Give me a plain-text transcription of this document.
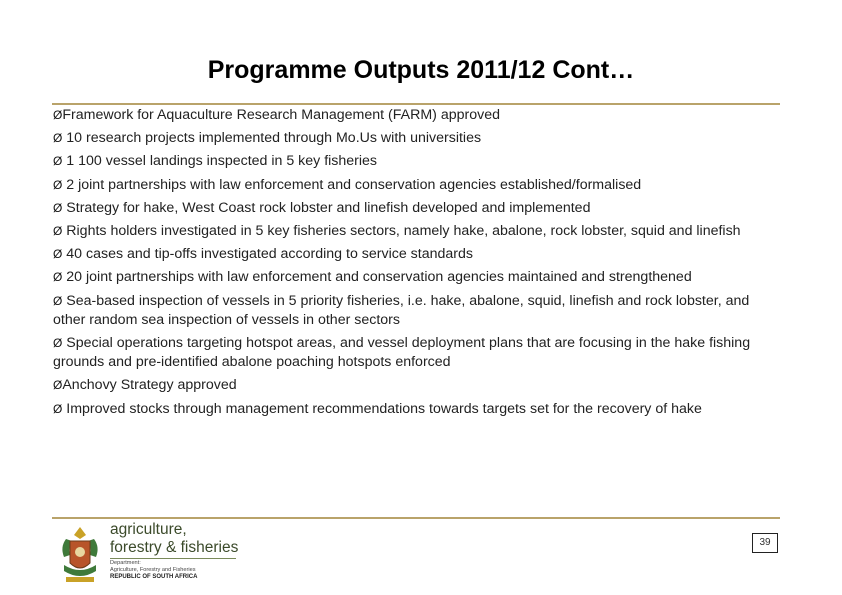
Programme Outputs 2011/12 Cont…
ØFramework for Aquaculture Research Management (FARM) approved
Ø 10 research projects implemented through Mo.Us with universities
Ø 1 100 vessel landings inspected in 5 key fisheries
Ø 2 joint partnerships with law enforcement and conservation agencies established/formalised
Ø Strategy for hake, West Coast rock lobster and linefish developed and implemented
Ø Rights holders investigated in 5 key fisheries sectors, namely hake, abalone, rock lobster, squid and linefish
Ø 40 cases and tip-offs investigated according to service standards
Ø 20 joint partnerships with law enforcement and conservation agencies maintained and strengthened
Ø Sea-based inspection of vessels in 5 priority fisheries, i.e. hake, abalone, squid, linefish and rock lobster, and other random sea inspection of vessels in other sectors
Ø Special operations targeting hotspot areas, and vessel deployment plans that are focusing in the hake fishing grounds and pre-identified abalone poaching hotspots enforced
ØAnchovy Strategy approved
Ø Improved stocks through management recommendations towards targets set for the recovery of hake
agriculture,
forestry & fisheries
Department:
Agriculture, Forestry and Fisheries
REPUBLIC OF SOUTH AFRICA
39
